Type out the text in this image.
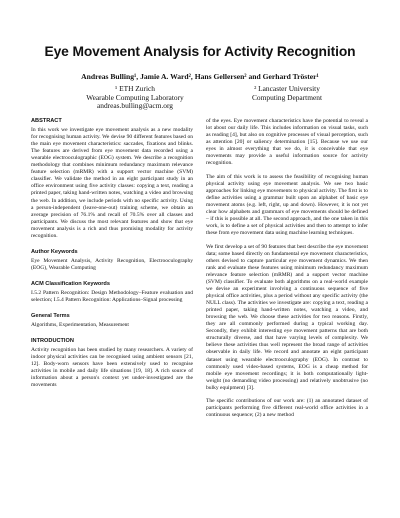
Eye Movement Analysis for Activity Recognition
Andreas Bulling¹, Jamie A. Ward², Hans Gellersen² and Gerhard Tröster¹
¹ ETH Zurich
Wearable Computing Laboratory
andreas.bulling@acm.org
² Lancaster University
Computing Department
ABSTRACT

In this work we investigate eye movement analysis as a new modality for recognising human activity. We devise 90 different features based on the main eye movement characteristics: saccades, fixations and blinks. The features are derived from eye movement data recorded using a wearable electrooculographic (EOG) system. We describe a recognition methodology that combines minimum redundancy maximum relevance feature selection (mRMR) with a support vector machine (SVM) classifier. We validate the method in an eight participant study in an office environment using five activity classes: copying a text, reading a printed paper, taking hand-written notes, watching a video and browsing the web. In addition, we include periods with no specific activity. Using a person-independent (leave-one-out) training scheme, we obtain an average precision of 76.1% and recall of 70.5% over all classes and participants. We discuss the most relevant features and show that eye movement analysis is a rich and thus promising modality for activity recognition.

Author Keywords

Eye Movement Analysis, Activity Recognition, Electrooculography (EOG), Wearable Computing

ACM Classification Keywords

I.5.2 Pattern Recognition: Design Methodology–Feature evaluation and selection; I.5.4 Pattern Recognition: Applications–Signal processing

General Terms

Algorithms, Experimentation, Measurement

INTRODUCTION

Activity recognition has been studied by many researchers. A variety of indoor physical activities can be recognised using ambient sensors [21, 12]. Body-worn sensors have been extensively used to recognise activities in mobile and daily life situations [19, 18]. A rich source of information about a person's context yet under-investigated are the movements

of the eyes. Eye movement characteristics have the potential to reveal a lot about our daily life. This includes information on visual tasks, such as reading [4], but also on cognitive processes of visual perception, such as attention [20] or saliency determination [15]. Because we use our eyes in almost everything that we do, it is conceivable that eye movements may provide a useful information source for activity recognition.

The aim of this work is to assess the feasibility of recognising human physical activity using eye movement analysis. We see two basic approaches for linking eye movements to physical activity. The first is to define activities using a grammar built upon an alphabet of basic eye movement atoms (e.g. left, right, up and down). However, it is not yet clear how alphabets and grammars of eye movements should be defined – if this is possible at all. The second approach, and the one taken in this work, is to define a set of physical activities and then to attempt to infer these from eye movement data using machine learning techniques.

We first develop a set of 90 features that best describe the eye movement data; some based directly on fundamental eye movement characteristics, others devised to capture particular eye movement dynamics. We then rank and evaluate these features using minimum redundancy maximum relevance feature selection (mRMR) and a support vector machine (SVM) classifier. To evaluate both algorithms on a real-world example we devise an experiment involving a continuous sequence of five physical office activities, plus a period without any specific activity (the NULL class). The activities we investigate are: copying a text, reading a printed paper, taking hand-written notes, watching a video, and browsing the web. We choose these activities for two reasons. Firstly, they are all commonly performed during a typical working day. Secondly, they exhibit interesting eye movement patterns that are both structurally diverse, and that have varying levels of complexity. We believe these activities thus well represent the broad range of activities observable in daily life. We record and annotate an eight participant dataset using wearable electrooculography (EOG). In contrast to commonly used video-based systems, EOG is a cheap method for mobile eye movement recordings; it is both computationally light-weight (no demanding video processing) and relatively unobtrusive (no bulky equipment) [3].

The specific contributions of our work are: (1) an annotated dataset of participants performing five different real-world office activities in a continuous sequence; (2) a new method
